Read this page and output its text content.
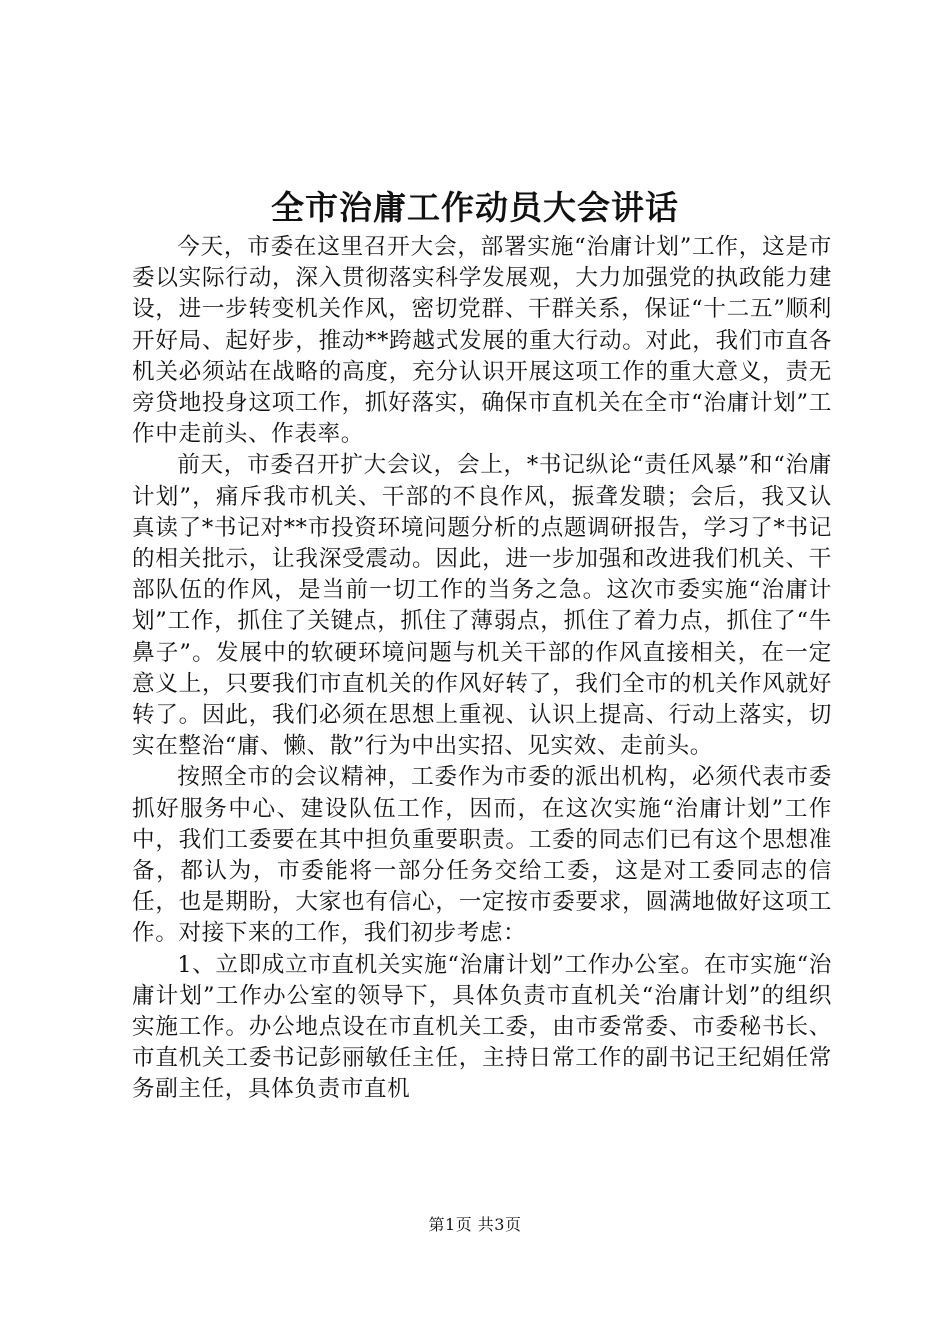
全市治庸工作动员大会讲话

今天，市委在这里召开大会，部署实施“治庸计划”工作，这是市委以实际行动，深入贯彻落实科学发展观，大力加强党的执政能力建设，进一步转变机关作风，密切党群、干群关系，保证“十二五”顺利开好局、起好步，推动**跨越式发展的重大行动。对此，我们市直各机关必须站在战略的高度，充分认识开展这项工作的重大意义，责无旁贷地投身这项工作，抓好落实，确保市直机关在全市“治庸计划”工作中走前头、作表率。

前天，市委召开扩大会议，会上，*书记纵论“责任风暴”和“治庸计划”，痛斥我市机关、干部的不良作风，振聋发聩；会后，我又认真读了*书记对**市投资环境问题分析的点题调研报告，学习了*书记的相关批示，让我深受震动。因此，进一步加强和改进我们机关、干部队伍的作风，是当前一切工作的当务之急。这次市委实施“治庸计划”工作，抓住了关键点，抓住了薄弱点，抓住了着力点，抓住了“牛鼻子”。发展中的软硬环境问题与机关干部的作风直接相关，在一定意义上，只要我们市直机关的作风好转了，我们全市的机关作风就好转了。因此，我们必须在思想上重视、认识上提高、行动上落实，切实在整治“庸、懒、散”行为中出实招、见实效、走前头。

按照全市的会议精神，工委作为市委的派出机构，必须代表市委抓好服务中心、建设队伍工作，因而，在这次实施“治庸计划”工作中，我们工委要在其中担负重要职责。工委的同志们已有这个思想准备，都认为，市委能将一部分任务交给工委，这是对工委同志的信任，也是期盼，大家也有信心，一定按市委要求，圆满地做好这项工作。对接下来的工作，我们初步考虑：

1、立即成立市直机关实施“治庸计划”工作办公室。在市实施“治庸计划”工作办公室的领导下，具体负责市直机关“治庸计划”的组织实施工作。办公地点设在市直机关工委，由市委常委、市委秘书长、市直机关工委书记彭丽敏任主任，主持日常工作的副书记王纪娟任常务副主任，具体负责市直机

第1页 共3页
